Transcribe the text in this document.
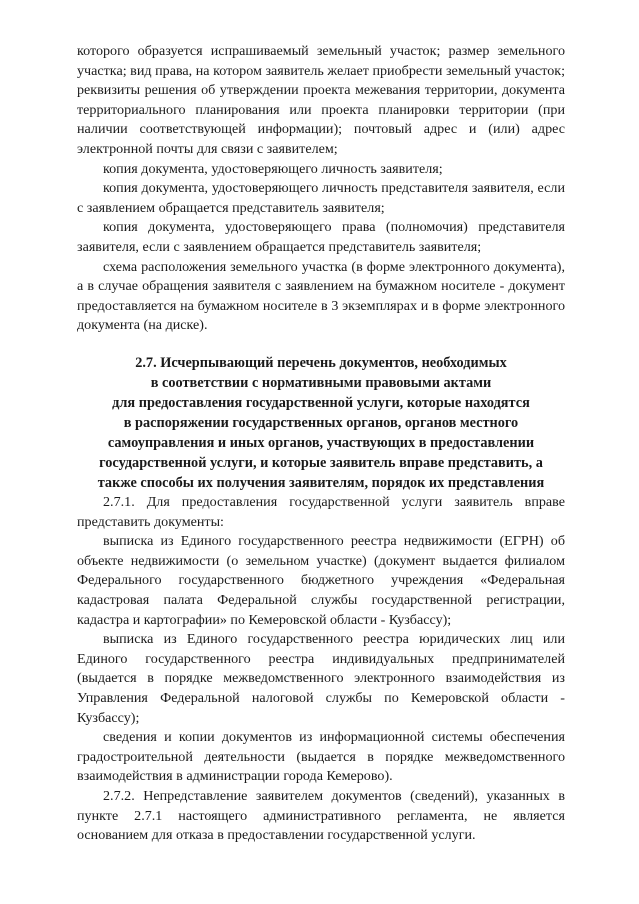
которого образуется испрашиваемый земельный участок; размер земельного участка; вид права, на котором заявитель желает приобрести земельный участок; реквизиты решения об утверждении проекта межевания территории, документа территориального планирования или проекта планировки территории (при наличии соответствующей информации); почтовый адрес и (или) адрес электронной почты для связи с заявителем;

копия документа, удостоверяющего личность заявителя;

копия документа, удостоверяющего личность представителя заявителя, если с заявлением обращается представитель заявителя;

копия документа, удостоверяющего права (полномочия) представителя заявителя, если с заявлением обращается представитель заявителя;

схема расположения земельного участка (в форме электронного документа), а в случае обращения заявителя с заявлением на бумажном носителе - документ предоставляется на бумажном носителе в 3 экземплярах и в форме электронного документа (на диске).

2.7. Исчерпывающий перечень документов, необходимых
в соответствии с нормативными правовыми актами
для предоставления государственной услуги, которые находятся
в распоряжении государственных органов, органов местного
самоуправления и иных органов, участвующих в предоставлении
государственной услуги, и которые заявитель вправе представить, а
также способы их получения заявителям, порядок их представления

2.7.1. Для предоставления государственной услуги заявитель вправе представить документы:

выписка из Единого государственного реестра недвижимости (ЕГРН) об объекте недвижимости (о земельном участке) (документ выдается филиалом Федерального государственного бюджетного учреждения «Федеральная кадастровая палата Федеральной службы государственной регистрации, кадастра и картографии» по Кемеровской области - Кузбассу);

выписка из Единого государственного реестра юридических лиц или Единого государственного реестра индивидуальных предпринимателей (выдается в порядке межведомственного электронного взаимодействия из Управления Федеральной налоговой службы по Кемеровской области - Кузбассу);

сведения и копии документов из информационной системы обеспечения градостроительной деятельности (выдается в порядке межведомственного взаимодействия в администрации города Кемерово).

2.7.2. Непредставление заявителем документов (сведений), указанных в пункте 2.7.1 настоящего административного регламента, не является основанием для отказа в предоставлении государственной услуги.
